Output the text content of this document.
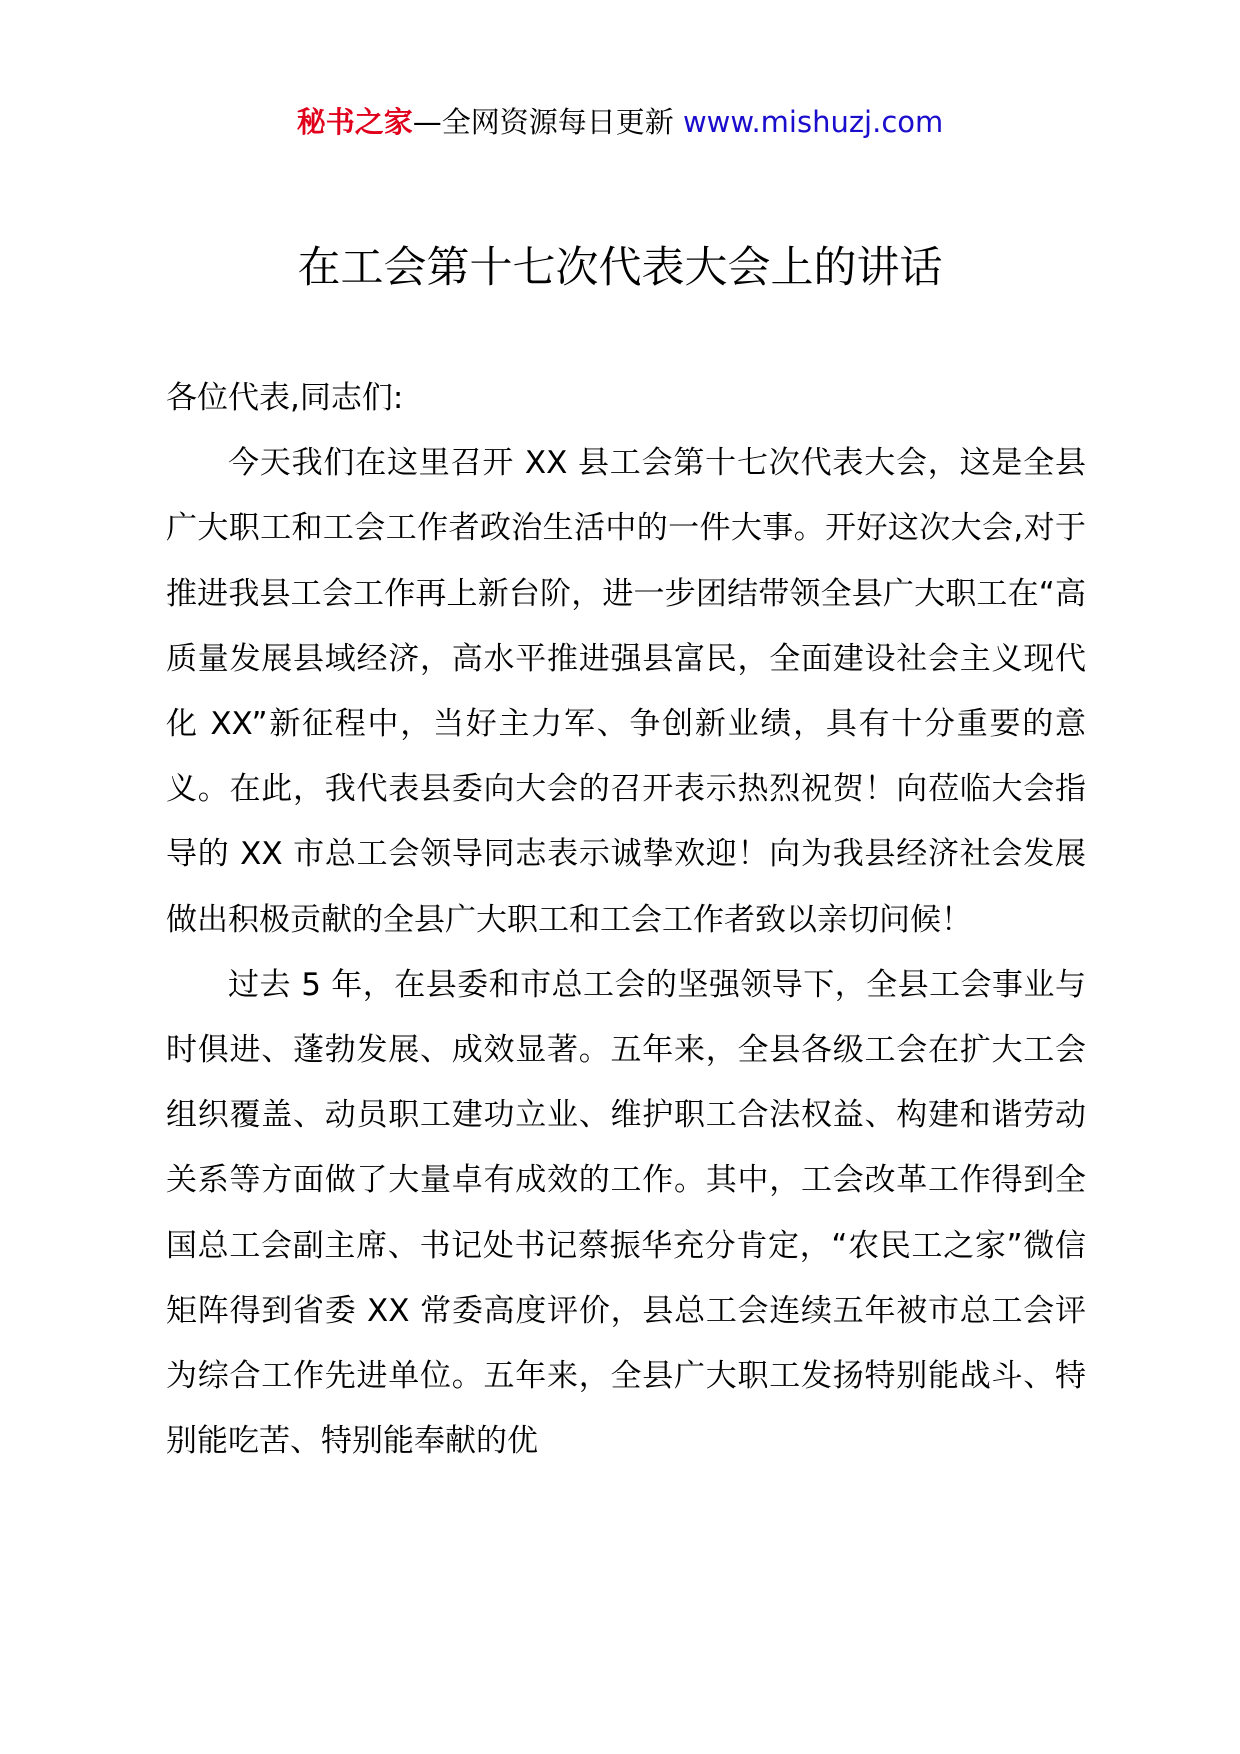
秘书之家—全网资源每日更新 www.mishuzj.com
在工会第十七次代表大会上的讲话

各位代表,同志们:

今天我们在这里召开 XX 县工会第十七次代表大会，这是全县广大职工和工会工作者政治生活中的一件大事。开好这次大会,对于推进我县工会工作再上新台阶，进一步团结带领全县广大职工在“高质量发展县域经济，高水平推进强县富民，全面建设社会主义现代化 XX”新征程中，当好主力军、争创新业绩，具有十分重要的意义。在此，我代表县委向大会的召开表示热烈祝贺！向莅临大会指导的 XX 市总工会领导同志表示诚挚欢迎！向为我县经济社会发展做出积极贡献的全县广大职工和工会工作者致以亲切问候！

过去 5 年，在县委和市总工会的坚强领导下，全县工会事业与时俱进、蓬勃发展、成效显著。五年来，全县各级工会在扩大工会组织覆盖、动员职工建功立业、维护职工合法权益、构建和谐劳动关系等方面做了大量卓有成效的工作。其中，工会改革工作得到全国总工会副主席、书记处书记蔡振华充分肯定，“农民工之家”微信矩阵得到省委 XX 常委高度评价，县总工会连续五年被市总工会评为综合工作先进单位。五年来，全县广大职工发扬特别能战斗、特别能吃苦、特别能奉献的优
